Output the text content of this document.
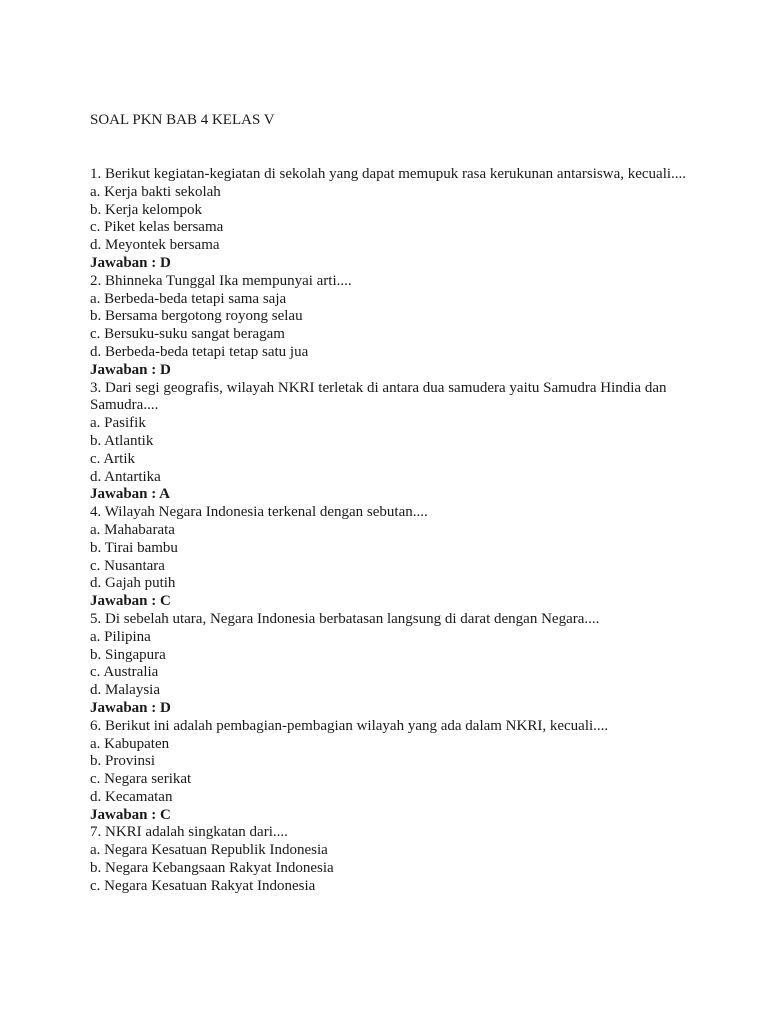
SOAL PKN BAB 4 KELAS V
1. Berikut kegiatan-kegiatan di sekolah yang dapat memupuk rasa kerukunan antarsiswa, kecuali....
a. Kerja bakti sekolah
b. Kerja kelompok
c. Piket kelas bersama
d. Meyontek bersama
Jawaban : D
2. Bhinneka Tunggal Ika mempunyai arti....
a. Berbeda-beda tetapi sama saja
b. Bersama bergotong royong selau
c. Bersuku-suku sangat beragam
d. Berbeda-beda tetapi tetap satu jua
Jawaban : D
3. Dari segi geografis, wilayah NKRI terletak di antara dua samudera yaitu Samudra Hindia dan Samudra....
a. Pasifik
b. Atlantik
c. Artik
d. Antartika
Jawaban : A
4. Wilayah Negara Indonesia terkenal dengan sebutan....
a. Mahabarata
b. Tirai bambu
c. Nusantara
d. Gajah putih
Jawaban : C
5. Di sebelah utara, Negara Indonesia berbatasan langsung di darat dengan Negara....
a. Pilipina
b. Singapura
c. Australia
d. Malaysia
Jawaban : D
6. Berikut ini adalah pembagian-pembagian wilayah yang ada dalam NKRI, kecuali....
a. Kabupaten
b. Provinsi
c. Negara serikat
d. Kecamatan
Jawaban : C
7. NKRI adalah singkatan dari....
a. Negara Kesatuan Republik Indonesia
b. Negara Kebangsaan Rakyat Indonesia
c. Negara Kesatuan Rakyat Indonesia
